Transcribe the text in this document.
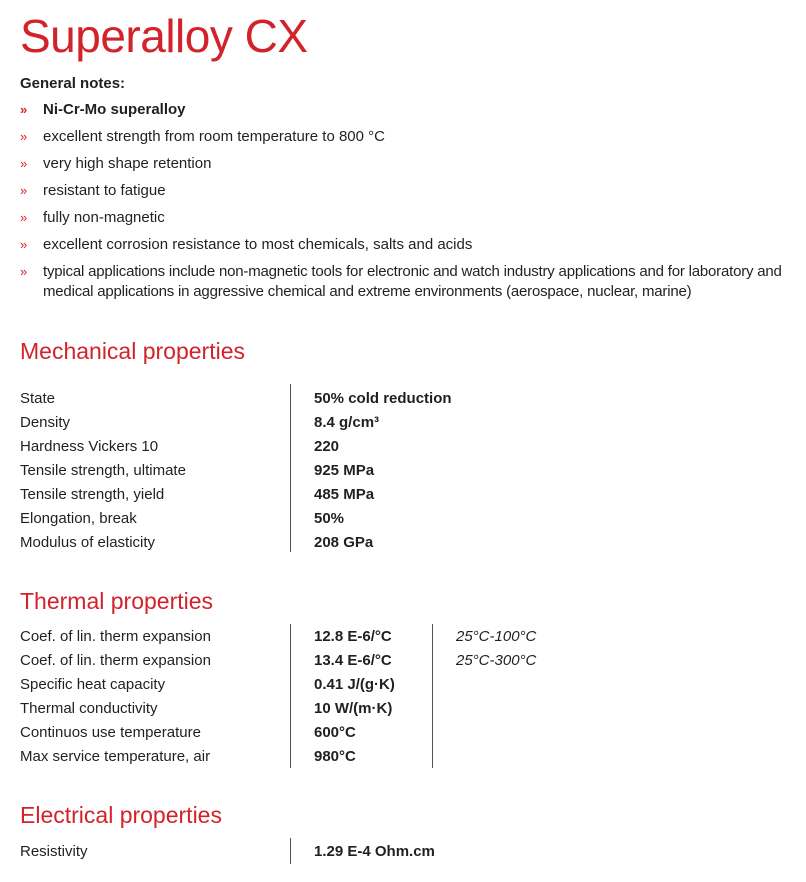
Superalloy CX
General notes:
» Ni-Cr-Mo superalloy
» excellent strength from room temperature to 800 °C
» very high shape retention
» resistant to fatigue
» fully non-magnetic
» excellent corrosion resistance to most chemicals, salts and acids
» typical applications include non-magnetic tools for electronic and watch industry applications and for laboratory and medical applications in aggressive chemical and extreme environments (aerospace, nuclear, marine)
Mechanical properties
State	50% cold reduction
Density	8.4 g/cm³
Hardness Vickers 10	220
Tensile strength, ultimate	925 MPa
Tensile strength, yield	485 MPa
Elongation, break	50%
Modulus of elasticity	208 GPa
Thermal properties
Coef. of lin. therm expansion	12.8 E-6/°C	25°C-100°C
Coef. of lin. therm expansion	13.4 E-6/°C	25°C-300°C
Specific heat capacity	0.41 J/(g·K)
Thermal conductivity	10 W/(m·K)
Continuos use temperature	600°C
Max service temperature, air	980°C
Electrical properties
Resistivity	1.29 E-4 Ohm.cm
